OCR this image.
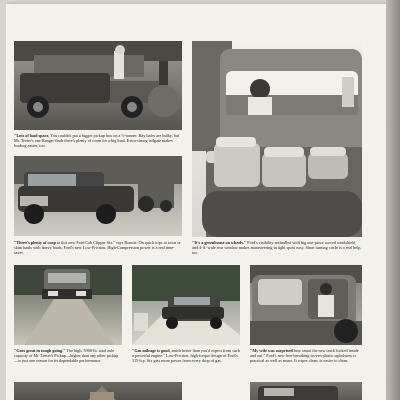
"Lots of load space. You couldn't put a bigger pickup box on a ½-tonner. Hay bales are bulky, but Mr. Teeter's one Ranger finds there's plenty of room for a big load. Extra-strong tailgate makes loading easier, too.
"There's plenty of coop in this new Ford Cab Clipper Six," says Bonnie. On quick trips to town or skim hauls with heavy loads, Ford's new Low-Friction, High-Compression power is a real time-saver.
"It's a greenhouse on wheels." Ford's visibility enthralled with big one-piece curved windshield and 4-ft.-wide rear window makes maneuvering in tight spots easy. Short turning circle is a real help, too.
"Goes great in tough going." The high, 5900-lb. total axle capacity of Mr. Teeter's Pickup—higher than any other pickup—is just one reason for its dependable performance.
"Gas mileage is good, much better than you'd expect from such a powerful engine." Low-Friction, high-torque design of Ford's 115-h.p. Six gets more power from every drop of gas.
"My wife was surprised how smart the new truck looked inside and out." Ford's new free-breathing woven plastic upholstery is practical as well as smart. It wipes clean, is easier to clean.
